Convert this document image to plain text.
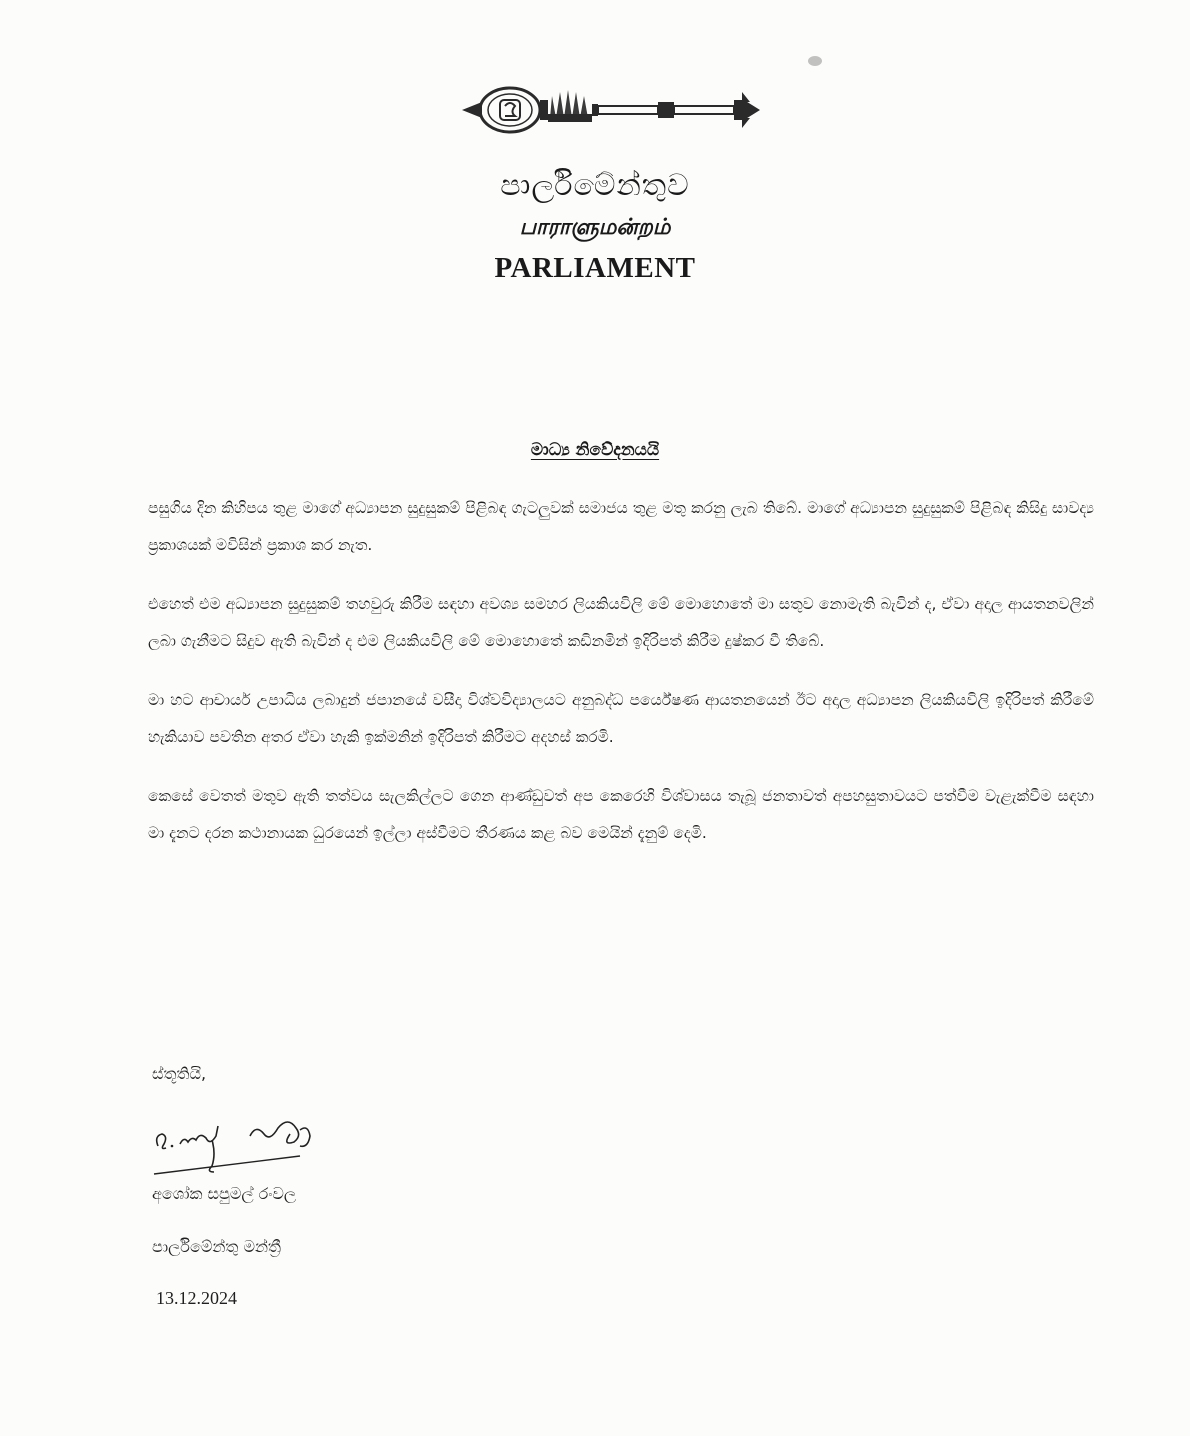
පාර්ලිමේන්තුව
பாராளுமன்றம்
PARLIAMENT
මාධ්‍ය නිවේදනයයි

පසුගිය දින කිහිපය තුළ මාගේ අධ්‍යාපන සුදුසුකම් පිළිබඳ ගැටලුවක් සමාජය තුළ මතු කරනු ලැබ තිබේ. මාගේ අධ්‍යාපන සුදුසුකම් පිළිබඳ කිසිදු සාවද්‍ය ප්‍රකාශයක් මවිසින් ප්‍රකාශ කර නැත.

එහෙත් එම අධ්‍යාපන සුදුසුකම් තහවුරු කිරීම සඳහා අවශ්‍ය සමහර ලියකියවිලි මේ මොහොතේ මා සතුව නොමැති බැවින් ද, ඒවා අදාල ආයතනවලින් ලබා ගැනීමට සිදුව ඇති බැවින් ද එම ලියකියවිලි මේ මොහොතේ කඩිනමින් ඉදිරිපත් කිරීම දුෂ්කර වී තිබේ.

මා හට ආචාර්ය උපාධිය ලබාදුන් ජපානයේ වසීදා විශ්වවිද්‍යාලයට අනුබද්ධ පර්යේෂණ ආයතනයෙන් ඊට අදාල අධ්‍යාපන ලියකියවිලි ඉදිරිපත් කිරීමේ හැකියාව පවතින අතර ඒවා හැකි ඉක්මනින් ඉදිරිපත් කිරීමට අදහස් කරමි.

කෙසේ වෙතත් මතුව ඇති තත්වය සැලකිල්ලට ගෙන ආණ්ඩුවත් අප කෙරෙහි විශ්වාසය තැබූ ජනතාවත් අපහසුතාවයට පත්වීම වැළැක්වීම සඳහා මා දැනට දරන කථානායක ධුරයෙන් ඉල්ලා අස්වීමට තීරණය කළ බව මෙයින් දැනුම් දෙමි.

ස්තූතියි,
අශෝක සපුමල් රංවල
පාර්ලිමේන්තු මන්ත්‍රී
13.12.2024
